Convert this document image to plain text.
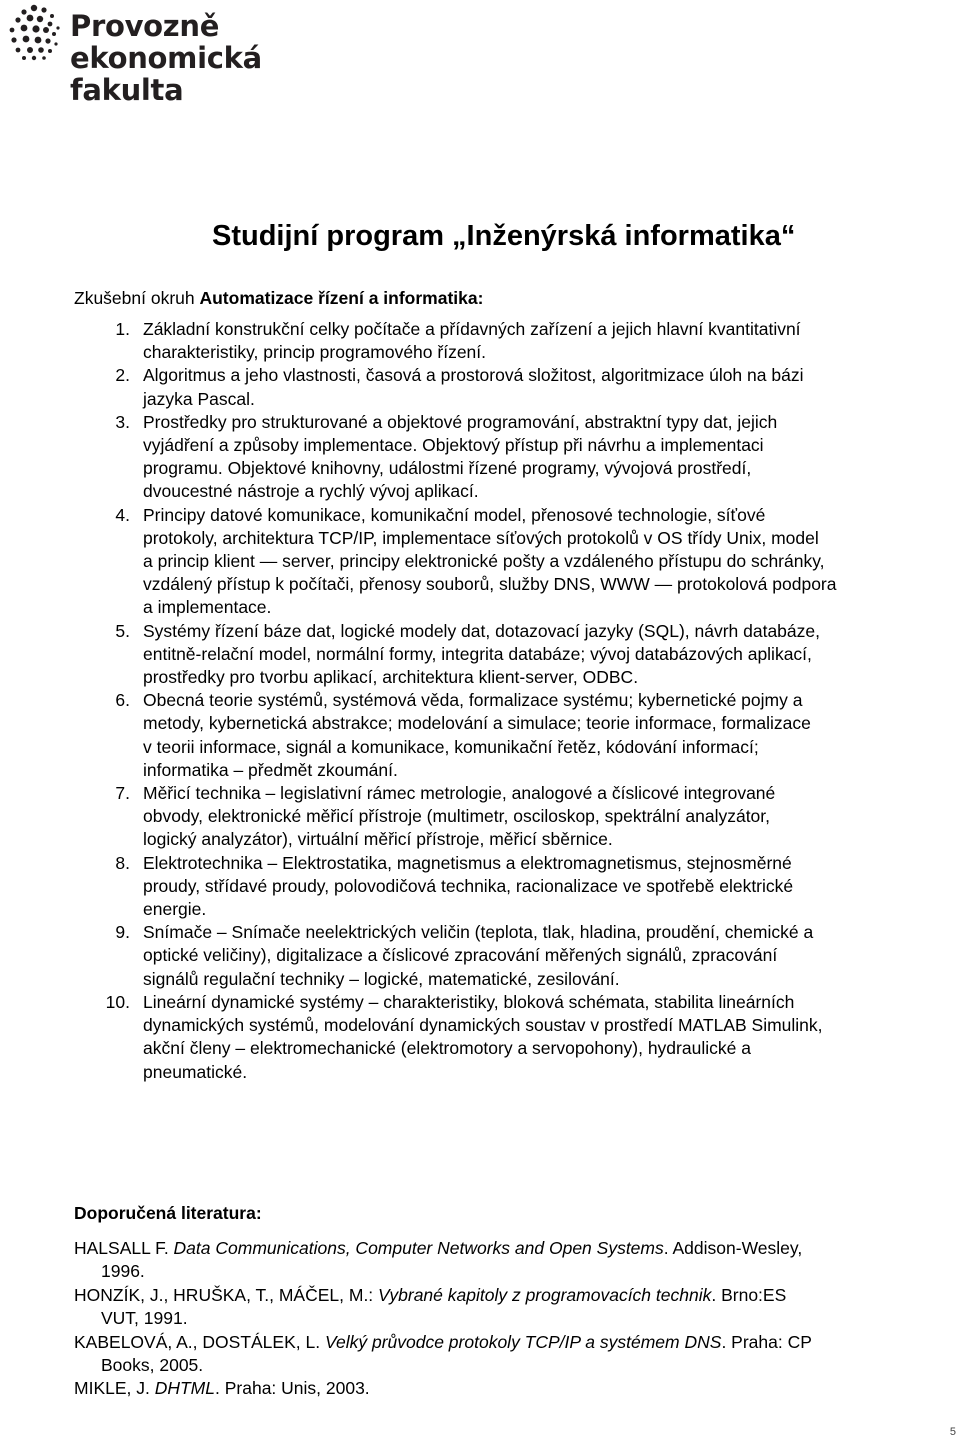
Provozně
ekonomická
fakulta
Studijní program „Inženýrská informatika“
Zkušební okruh Automatizace řízení a informatika:
1. Základní konstrukční celky počítače a přídavných zařízení a jejich hlavní kvantitativní
charakteristiky, princip programového řízení.
2. Algoritmus a jeho vlastnosti, časová a prostorová složitost, algoritmizace úloh na bázi
jazyka Pascal.
3. Prostředky pro strukturované a objektové programování, abstraktní typy dat, jejich
vyjádření a způsoby implementace. Objektový přístup při návrhu a implementaci
programu. Objektové knihovny, událostmi řízené programy, vývojová prostředí,
dvoucestné nástroje a rychlý vývoj aplikací.
4. Principy datové komunikace, komunikační model, přenosové technologie, síťové
protokoly, architektura TCP/IP, implementace síťových protokolů v OS třídy Unix, model
a princip klient — server, principy elektronické pošty a vzdáleného přístupu do schránky,
vzdálený přístup k počítači, přenosy souborů, služby DNS, WWW — protokolová podpora
a implementace.
5. Systémy řízení báze dat, logické modely dat, dotazovací jazyky (SQL), návrh databáze,
entitně-relační model, normální formy, integrita databáze; vývoj databázových aplikací,
prostředky pro tvorbu aplikací, architektura klient-server, ODBC.
6. Obecná teorie systémů, systémová věda, formalizace systému; kybernetické pojmy a
metody, kybernetická abstrakce; modelování a simulace; teorie informace, formalizace
v teorii informace, signál a komunikace, komunikační řetěz, kódování informací;
informatika – předmět zkoumání.
7. Měřicí technika – legislativní rámec metrologie, analogové a číslicové integrované
obvody, elektronické měřicí přístroje (multimetr, osciloskop, spektrální analyzátor,
logický analyzátor), virtuální měřicí přístroje, měřicí sběrnice.
8. Elektrotechnika – Elektrostatika, magnetismus a elektromagnetismus, stejnosměrné
proudy, střídavé proudy, polovodičová technika, racionalizace ve spotřebě elektrické
energie.
9. Snímače – Snímače neelektrických veličin (teplota, tlak, hladina, proudění, chemické a
optické veličiny), digitalizace a číslicové zpracování měřených signálů, zpracování
signálů regulační techniky – logické, matematické, zesilování.
10. Lineární dynamické systémy – charakteristiky, bloková schémata, stabilita lineárních
dynamických systémů, modelování dynamických soustav v prostředí MATLAB Simulink,
akční členy – elektromechanické (elektromotory a servopohony), hydraulické a
pneumatické.
Doporučená literatura:
HALSALL F. Data Communications, Computer Networks and Open Systems. Addison-Wesley,
1996.
HONZÍK, J., HRUŠKA, T., MÁČEL, M.: Vybrané kapitoly z programovacích technik. Brno:ES
VUT, 1991.
KABELOVÁ, A., DOSTÁLEK, L. Velký průvodce protokoly TCP/IP a systémem DNS. Praha: CP
Books, 2005.
MIKLE, J. DHTML. Praha: Unis, 2003.
5
